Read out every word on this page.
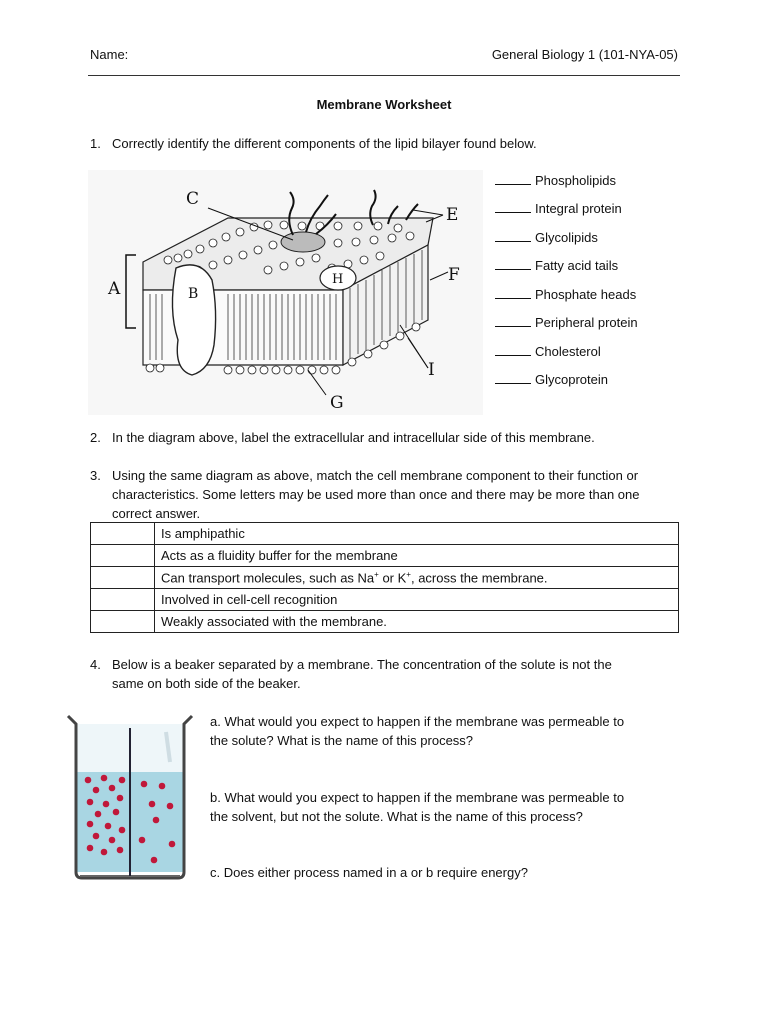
Name:	General Biology 1 (101-NYA-05)
Membrane Worksheet
1. Correctly identify the different components of the lipid bilayer found below.
C
E
A	B
H	F
I
G
Phospholipids
Integral protein
Glycolipids
Fatty acid tails
Phosphate heads
Peripheral protein
Cholesterol
Glycoprotein
2. In the diagram above, label the extracellular and intracellular side of this membrane.
3. Using the same diagram as above, match the cell membrane component to their function or
characteristics. Some letters may be used more than once and there may be more than one
correct answer.
	Is amphipathic
	Acts as a fluidity buffer for the membrane
	Can transport molecules, such as Na+ or K+, across the membrane.
	Involved in cell-cell recognition
	Weakly associated with the membrane.
4. Below is a beaker separated by a membrane. The concentration of the solute is not the
same on both side of the beaker.
a. What would you expect to happen if the membrane was permeable to
the solute? What is the name of this process?
b. What would you expect to happen if the membrane was permeable to
the solvent, but not the solute. What is the name of this process?
c. Does either process named in a or b require energy?
